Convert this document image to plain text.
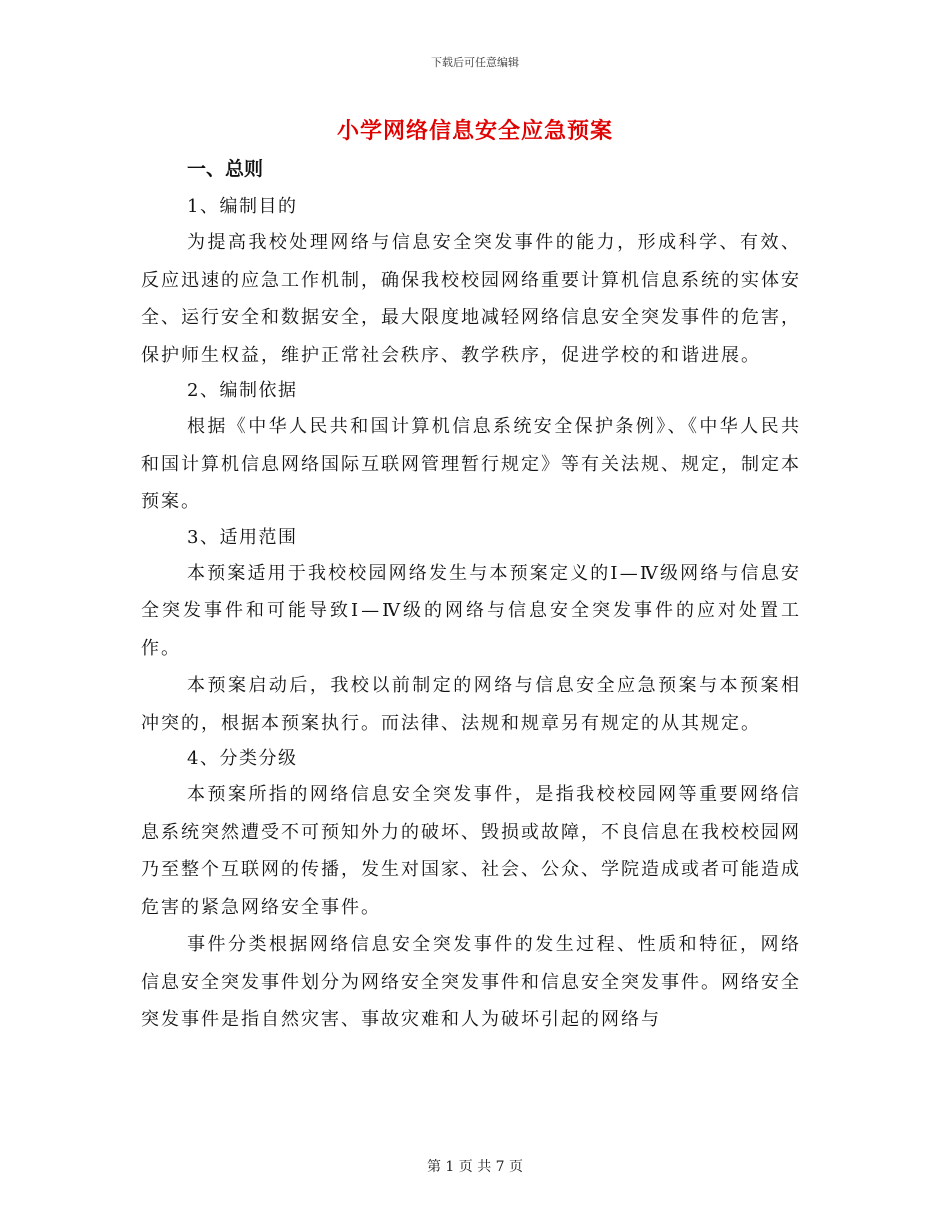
下载后可任意编辑
小学网络信息安全应急预案
一、总则
1、编制目的

为提高我校处理网络与信息安全突发事件的能力，形成科学、有效、反应迅速的应急工作机制，确保我校校园网络重要计算机信息系统的实体安全、运行安全和数据安全，最大限度地减轻网络信息安全突发事件的危害，保护师生权益，维护正常社会秩序、教学秩序，促进学校的和谐进展。

2、编制依据

根据《中华人民共和国计算机信息系统安全保护条例》、《中华人民共和国计算机信息网络国际互联网管理暂行规定》等有关法规、规定，制定本预案。

3、适用范围

本预案适用于我校校园网络发生与本预案定义的Ⅰ—Ⅳ级网络与信息安全突发事件和可能导致Ⅰ—Ⅳ级的网络与信息安全突发事件的应对处置工作。

本预案启动后，我校以前制定的网络与信息安全应急预案与本预案相冲突的，根据本预案执行。而法律、法规和规章另有规定的从其规定。

4、分类分级

本预案所指的网络信息安全突发事件，是指我校校园网等重要网络信息系统突然遭受不可预知外力的破坏、毁损或故障，不良信息在我校校园网乃至整个互联网的传播，发生对国家、社会、公众、学院造成或者可能造成危害的紧急网络安全事件。

事件分类根据网络信息安全突发事件的发生过程、性质和特征，网络信息安全突发事件划分为网络安全突发事件和信息安全突发事件。网络安全突发事件是指自然灾害、事故灾难和人为破坏引起的网络与

第 1 页 共 7 页
